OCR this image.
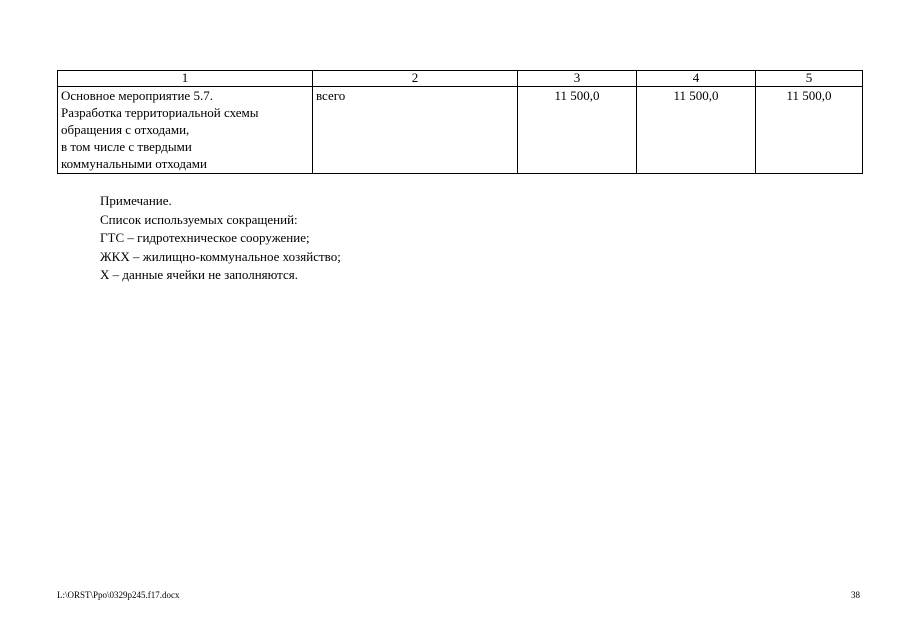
1	2	3	4	5

Основное мероприятие 5.7.
Разработка территориальной схемы
обращения с отходами,
в том числе с твердыми
коммунальными отходами	всего	11 500,0	11 500,0	11 500,0
Примечание.
Список используемых сокращений:
ГТС – гидротехническое сооружение;
ЖКХ – жилищно-коммунальное хозяйство;
Х – данные ячейки не заполняются.
L:\ORST\Ppo\0329p245.f17.docx	38
